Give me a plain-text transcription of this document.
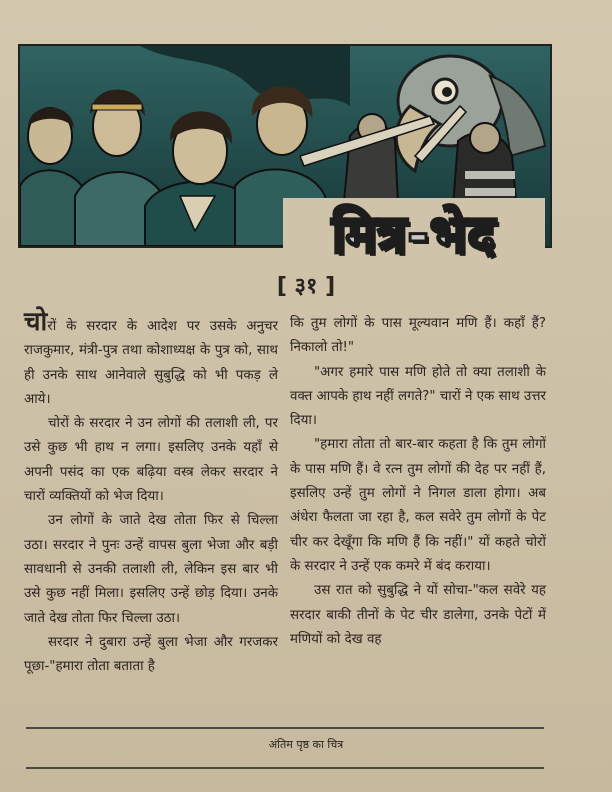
मित्र-भेद
[ ३१ ]

चोरों के सरदार के आदेश पर उसके अनुचर राजकुमार, मंत्री-पुत्र तथा कोशाध्यक्ष के पुत्र को, साथ ही उनके साथ आनेवाले सुबुद्धि को भी पकड़ ले आये।

चोरों के सरदार ने उन लोगों की तलाशी ली, पर उसे कुछ भी हाथ न लगा। इसलिए उनके यहाँ से अपनी पसंद का एक बढ़िया वस्त्र लेकर सरदार ने चारों व्यक्तियों को भेज दिया।

उन लोगों के जाते देख तोता फिर से चिल्ला उठा। सरदार ने पुनः उन्हें वापस बुला भेजा और बड़ी सावधानी से उनकी तलाशी ली, लेकिन इस बार भी उसे कुछ नहीं मिला। इसलिए उन्हें छोड़ दिया। उनके जाते देख तोता फिर चिल्ला उठा।

सरदार ने दुबारा उन्हें बुला भेजा और गरजकर पूछा-"हमारा तोता बताता है

कि तुम लोगों के पास मूल्यवान मणि हैं। कहाँ हैं? निकालो तो!"

"अगर हमारे पास मणि होते तो क्या तलाशी के वक्त आपके हाथ नहीं लगते?" चारों ने एक साथ उत्तर दिया।

"हमारा तोता तो बार-बार कहता है कि तुम लोगों के पास मणि हैं। वे रत्न तुम लोगों की देह पर नहीं हैं, इसलिए उन्हें तुम लोगों ने निगल डाला होगा। अब अंधेरा फैलता जा रहा है, कल सवेरे तुम लोगों के पेट चीर कर देखूँगा कि मणि हैं कि नहीं।" यों कहते चोरों के सरदार ने उन्हें एक कमरे में बंद कराया।

उस रात को सुबुद्धि ने यों सोचा-"कल सवेरे यह सरदार बाकी तीनों के पेट चीर डालेगा, उनके पेटों में मणियों को देख वह

अंतिम पृष्ठ का चित्र
